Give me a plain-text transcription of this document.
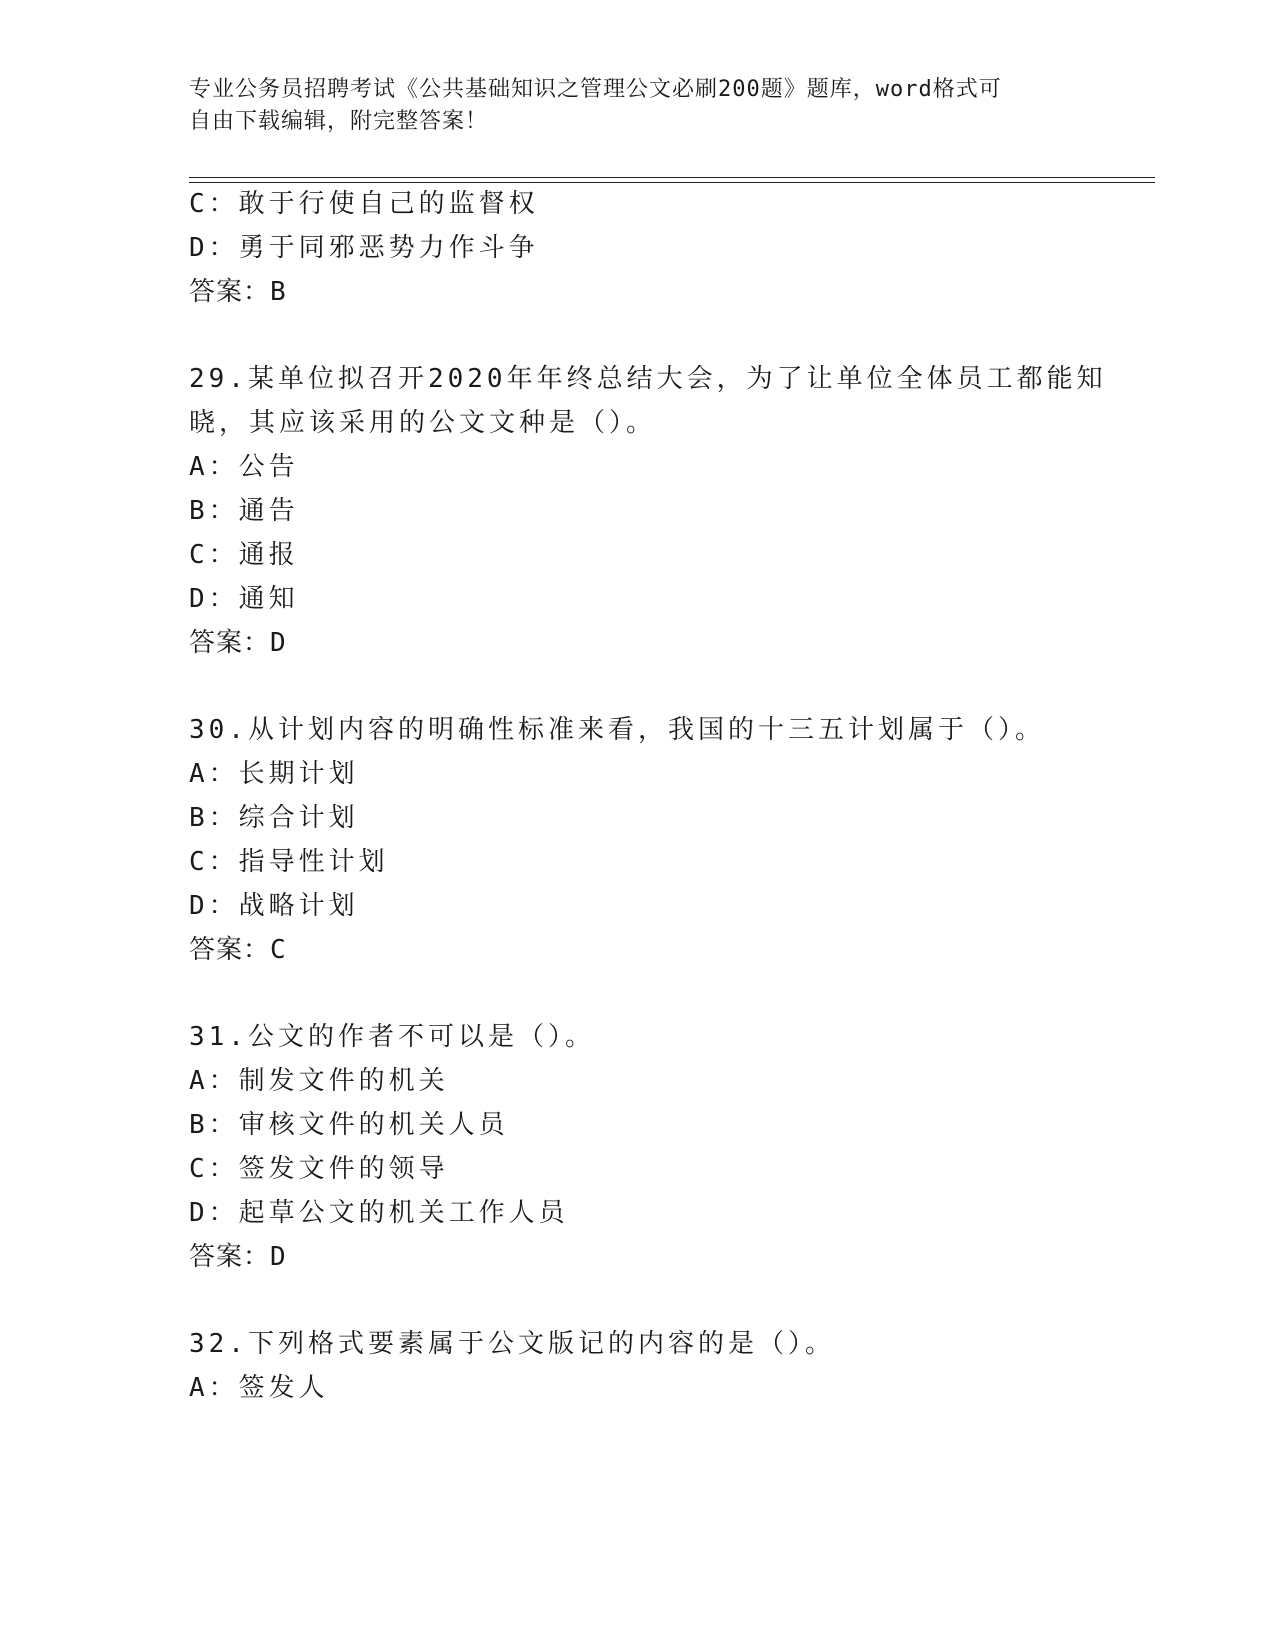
专业公务员招聘考试《公共基础知识之管理公文必刷200题》题库，word格式可
自由下载编辑，附完整答案！
C：敢于行使自己的监督权
D：勇于同邪恶势力作斗争
答案：B
29.某单位拟召开2020年年终总结大会，为了让单位全体员工都能知
晓，其应该采用的公文文种是（）。
A：公告
B：通告
C：通报
D：通知
答案：D
30.从计划内容的明确性标准来看，我国的十三五计划属于（）。
A：长期计划
B：综合计划
C：指导性计划
D：战略计划
答案：C
31.公文的作者不可以是（）。
A：制发文件的机关
B：审核文件的机关人员
C：签发文件的领导
D：起草公文的机关工作人员
答案：D
32.下列格式要素属于公文版记的内容的是（）。
A：签发人
